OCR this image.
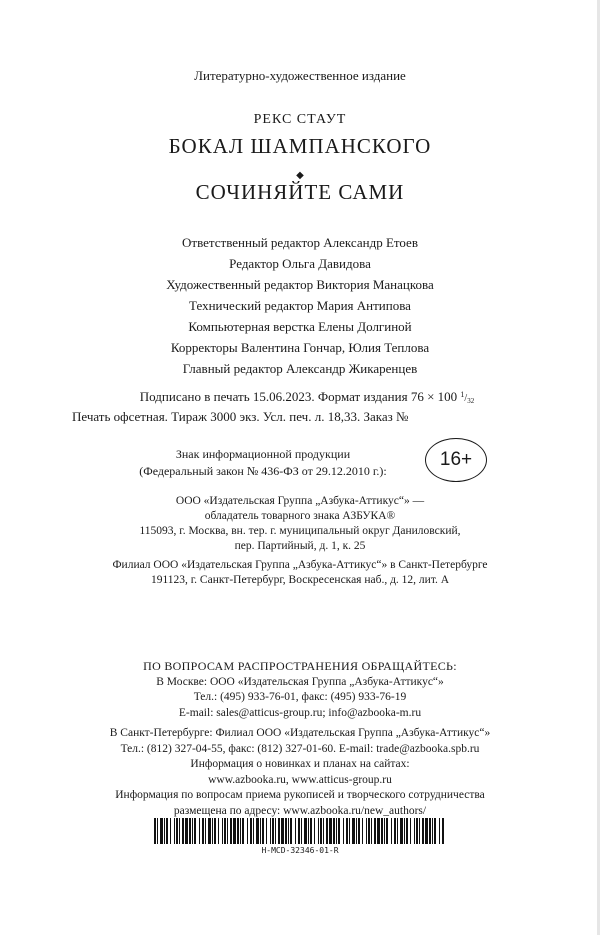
Литературно-художественное издание
РЕКС СТАУТ
БОКАЛ ШАМПАНСКОГО
◆
СОЧИНЯЙТЕ САМИ
Ответственный редактор Александр Етоев
Редактор Ольга Давидова
Художественный редактор Виктория Манацкова
Технический редактор Мария Антипова
Компьютерная верстка Елены Долгиной
Корректоры Валентина Гончар, Юлия Теплова
Главный редактор Александр Жикаренцев
Подписано в печать 15.06.2023. Формат издания 76 × 100 $^1/_{32}$
Печать офсетная. Тираж 3000 экз. Усл. печ. л. 18,33. Заказ №
Знак информационной продукции
(Федеральный закон № 436-ФЗ от 29.12.2010 г.):
16+
ООО «Издательская Группа „Азбука-Аттикус“» —
обладатель товарного знака АЗБУКА®
115093, г. Москва, вн. тер. г. муниципальный округ Даниловский,
пер. Партийный, д. 1, к. 25
Филиал ООО «Издательская Группа „Азбука-Аттикус“» в Санкт-Петербурге
191123, г. Санкт-Петербург, Воскресенская наб., д. 12, лит. А
ПО ВОПРОСАМ РАСПРОСТРАНЕНИЯ ОБРАЩАЙТЕСЬ:
В Москве: ООО «Издательская Группа „Азбука-Аттикус“»
Тел.: (495) 933-76-01, факс: (495) 933-76-19
E-mail: sales@atticus-group.ru; info@azbooka-m.ru
В Санкт-Петербурге: Филиал ООО «Издательская Группа „Азбука-Аттикус“»
Тел.: (812) 327-04-55, факс: (812) 327-01-60. E-mail: trade@azbooka.spb.ru
Информация о новинках и планах на сайтах:
www.azbooka.ru, www.atticus-group.ru
Информация по вопросам приема рукописей и творческого сотрудничества
размещена по адресу: www.azbooka.ru/new_authors/
H-MCD-32346-01-R
